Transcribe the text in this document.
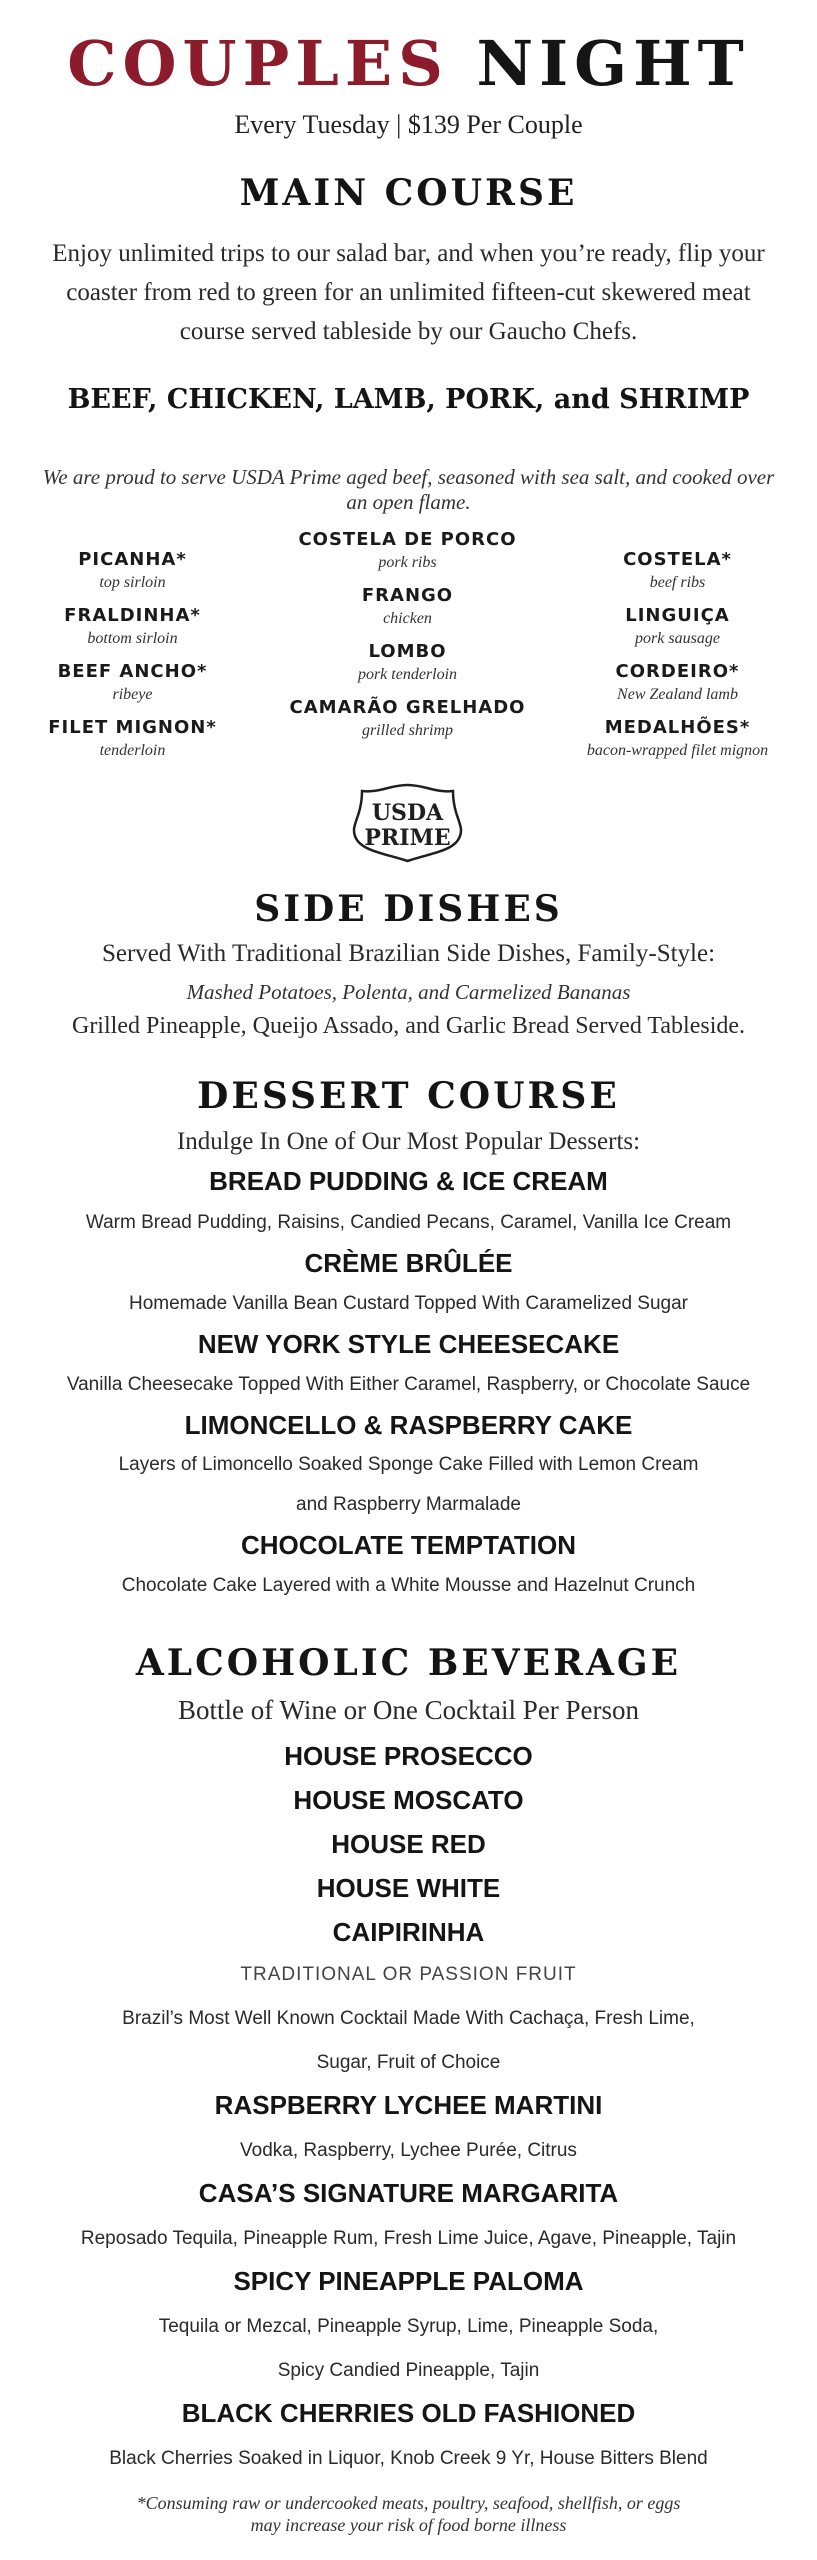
COUPLES NIGHT
Every Tuesday | $139 Per Couple
MAIN COURSE
Enjoy unlimited trips to our salad bar, and when you’re ready, flip your coaster from red to green for an unlimited fifteen-cut skewered meat course served tableside by our Gaucho Chefs.
BEEF, CHICKEN, LAMB, PORK, and SHRIMP
We are proud to serve USDA Prime aged beef, seasoned with sea salt, and cooked over an open flame.
PICANHA*
top sirloin
FRALDINHA*
bottom sirloin
BEEF ANCHO*
ribeye
FILET MIGNON*
tenderloin
COSTELA DE PORCO
pork ribs
FRANGO
chicken
LOMBO
pork tenderloin
CAMARÃO GRELHADO
grilled shrimp
COSTELA*
beef ribs
LINGUIÇA
pork sausage
CORDEIRO*
New Zealand lamb
MEDALHÕES*
bacon-wrapped filet mignon
USDA
PRIME
SIDE DISHES
Served With Traditional Brazilian Side Dishes, Family-Style:
Mashed Potatoes, Polenta, and Carmelized Bananas
Grilled Pineapple, Queijo Assado, and Garlic Bread Served Tableside.
DESSERT COURSE
Indulge In One of Our Most Popular Desserts:
BREAD PUDDING & ICE CREAM
Warm Bread Pudding, Raisins, Candied Pecans, Caramel, Vanilla Ice Cream
CRÈME BRÛLÉE
Homemade Vanilla Bean Custard Topped With Caramelized Sugar
NEW YORK STYLE CHEESECAKE
Vanilla Cheesecake Topped With Either Caramel, Raspberry, or Chocolate Sauce
LIMONCELLO & RASPBERRY CAKE
Layers of Limoncello Soaked Sponge Cake Filled with Lemon Cream
and Raspberry Marmalade
CHOCOLATE TEMPTATION
Chocolate Cake Layered with a White Mousse and Hazelnut Crunch
ALCOHOLIC BEVERAGE
Bottle of Wine or One Cocktail Per Person
HOUSE PROSECCO
HOUSE MOSCATO
HOUSE RED
HOUSE WHITE
CAIPIRINHA
TRADITIONAL OR PASSION FRUIT
Brazil’s Most Well Known Cocktail Made With Cachaça, Fresh Lime,
Sugar, Fruit of Choice
RASPBERRY LYCHEE MARTINI
Vodka, Raspberry, Lychee Purée, Citrus
CASA’S SIGNATURE MARGARITA
Reposado Tequila, Pineapple Rum, Fresh Lime Juice, Agave, Pineapple, Tajin
SPICY PINEAPPLE PALOMA
Tequila or Mezcal, Pineapple Syrup, Lime, Pineapple Soda,
Spicy Candied Pineapple, Tajin
BLACK CHERRIES OLD FASHIONED
Black Cherries Soaked in Liquor, Knob Creek 9 Yr, House Bitters Blend
*Consuming raw or undercooked meats, poultry, seafood, shellfish, or eggs
may increase your risk of food borne illness
